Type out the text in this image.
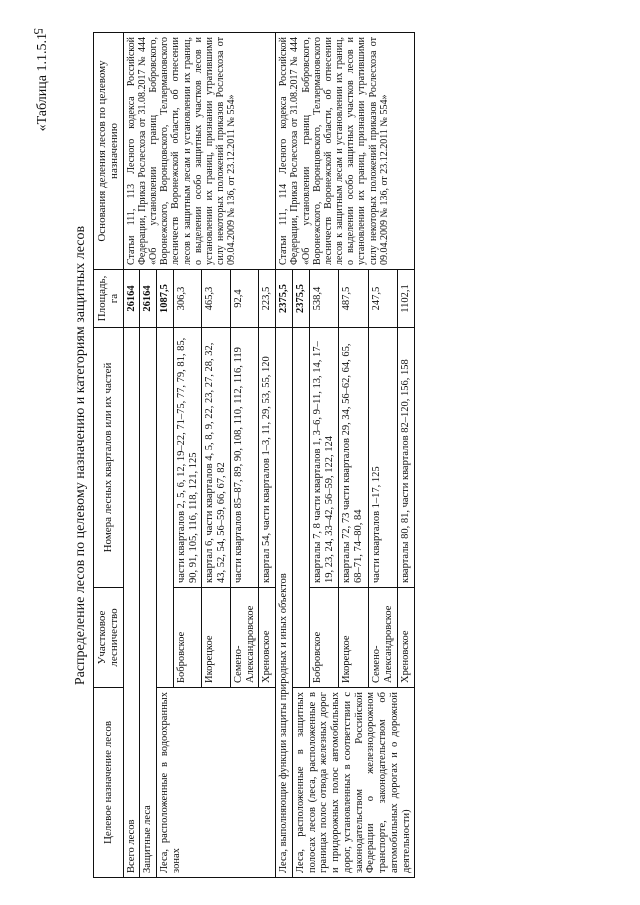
5
«Таблица 1.1.5.1
Распределение лесов по целевому назначению и категориям защитных лесов
Целевое назначение лесов	Участковое лесничество	Номера лесных кварталов или их частей	Площадь, га	Основания деления лесов по целевому назначению
Всего лесов			26164	Статьи 111, 113 Лесного кодекса Российской Федерации, Приказ Рослесхоза от 31.08.2017 № 444 «Об установлении границ Бобровского, Воронежского, Воронцовского, Теллермановского лесничеств Воронежской области, об отнесении лесов к защитным лесам и установлении их границ, о выделении особо защитных участков лесов и установлении их границ, признании утратившими силу некоторых положений приказов Рослесхоза от 09.04.2009 № 136, от 23.12.2011 № 554»
Защитные леса			26164	
Леса, расположенные в водоохранных зонах			1087,5	
	Бобровское	части кварталов 2, 5, 6, 12, 19–22, 71–75, 77, 79, 81, 85, 90, 91, 105, 116, 118, 121, 125	306,3	
	Икорецкое	квартал 6, части кварталов 4, 5, 8, 9, 22, 23, 27, 28, 32, 43, 52, 54, 56–59, 66, 67, 82	465,3	
	Семено-Александровское	части кварталов 85–87, 89, 90, 108, 110, 112, 116, 119	92,4	
	Хреновское	квартал 54, части кварталов 1–3, 11, 29, 53, 55, 120	223,5	
Леса, выполняющие функции защиты природных и иных объектов			2375,5	Статьи 111, 114 Лесного кодекса Российской Федерации, Приказ Рослесхоза от 31.08.2017 № 444 «Об установлении границ Бобровского, Воронежского, Воронцовского, Теллермановского лесничеств Воронежской области, об отнесении лесов к защитным лесам и установлении их границ, о выделении особо защитных участков лесов и установлении их границ, признании утратившими силу некоторых положений приказов Рослесхоза от 09.04.2009 № 136, от 23.12.2011 № 554»
Леса, расположенные в защитных полосах лесов (леса, расположенные в границах полос отвода железных дорог и придорожных полос автомобильных дорог, установленных в соответствии с законодательством Российской Федерации о железнодорожном транспорте, законодательством об автомобильных дорогах и о дорожной деятельности)			2375,5	
	Бобровское	кварталы 7, 8 части кварталов 1, 3–6, 9–11, 13, 14, 17–19, 23, 24, 33–42, 56–59, 122, 124	538,4	
	Икорецкое	кварталы 72, 73 части кварталов 29, 34, 56–62, 64, 65, 68–71, 74–80, 84	487,5	
	Семено-Александровское	части кварталов 1–17, 125	247,5	
	Хреновское	кварталы 80, 81, части кварталов 82–120, 156, 158	1102,1	
